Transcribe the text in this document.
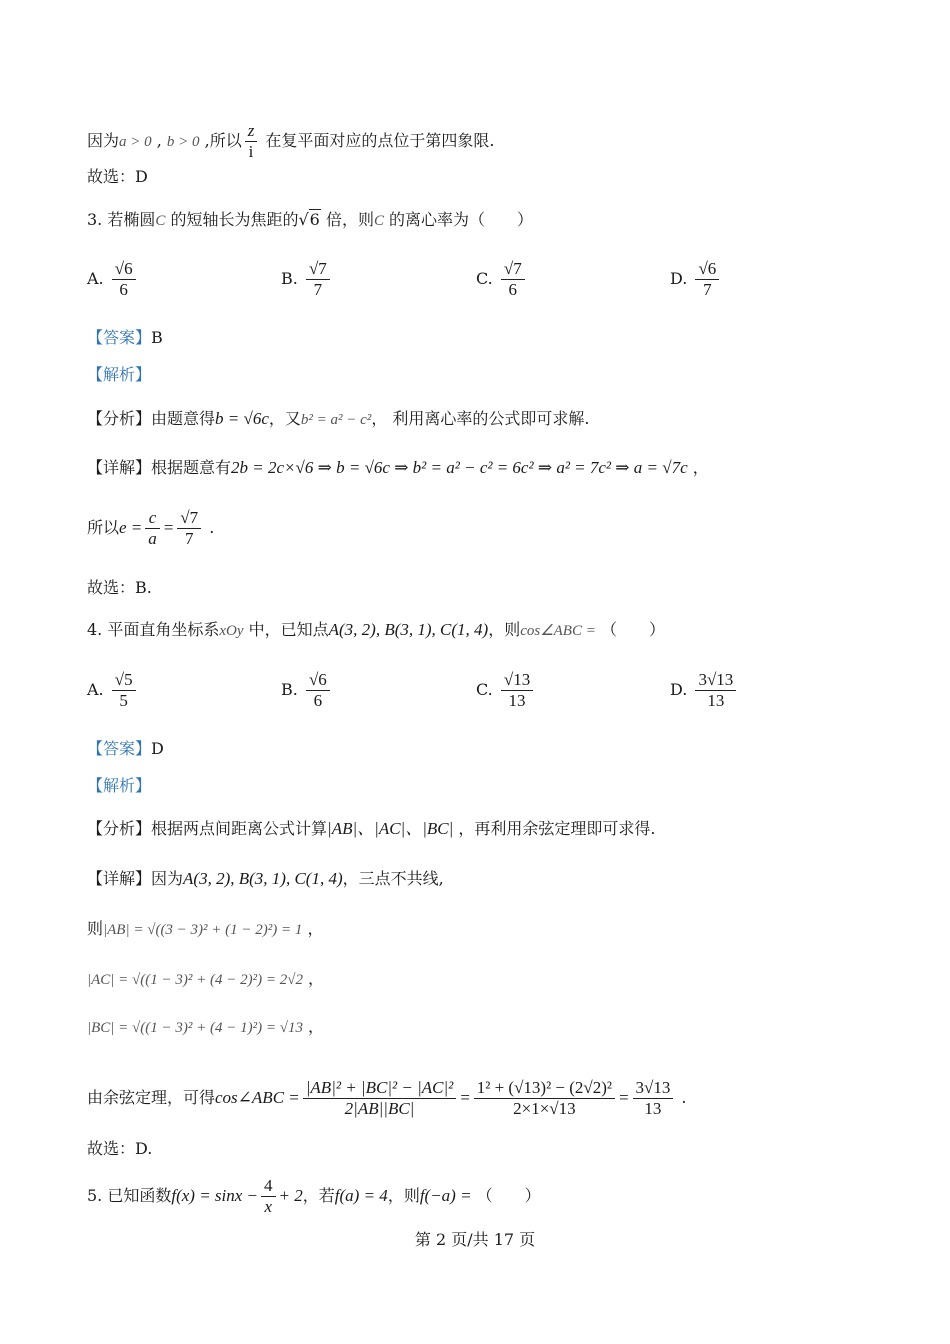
因为a > 0 , b > 0 ,所以 $\frac{z}{i}$ 在复平面对应的点位于第四象限.
故选：D
3. 若椭圆C 的短轴长为焦距的√6 倍，则C 的离心率为（　　）
A. $\frac{√6}{6}$	B. $\frac{√7}{7}$	C. $\frac{√7}{6}$	D. $\frac{√6}{7}$
【答案】B
【解析】
【分析】由题意得b = √6c，又b² = a² − c²， 利用离心率的公式即可求解.
【详解】根据题意有2b = 2c×√6 ⇒ b = √6c ⇒ b² = a² − c² = 6c² ⇒ a² = 7c² ⇒ a = √7c ，
所以$e = \frac{c}{a} = \frac{√7}{7}$ .
故选：B.
4. 平面直角坐标系xOy 中，已知点A(3, 2), B(3, 1), C(1, 4)，则cos∠ABC = （　　）
A. $\frac{√5}{5}$	B. $\frac{√6}{6}$	C. $\frac{√13}{13}$	D. $\frac{3√13}{13}$
【答案】D
【解析】
【分析】根据两点间距离公式计算|AB|、|AC|、|BC| ，再利用余弦定理即可求得.
【详解】因为A(3, 2), B(3, 1), C(1, 4)，三点不共线,
则|AB| = √((3 − 3)² + (1 − 2)²) = 1 ，
|AC| = √((1 − 3)² + (4 − 2)²) = 2√2 ，
|BC| = √((1 − 3)² + (4 − 1)²) = √13 ，
由余弦定理，可得cos∠ABC = $\frac{\text{|AB|² + |BC|² − |AC|²}}{2|AB||BC|} = \frac{\text{1² + (√13)² − (2√2)²}}{2\times 1\times√13} = \frac{3√13}{13}$ .
故选：D.
5. 已知函数$f(x) = \sin x - \frac{4}{x} + 2$，若f(a) = 4，则f(−a) = （　　）
第 2 页/共 17 页
